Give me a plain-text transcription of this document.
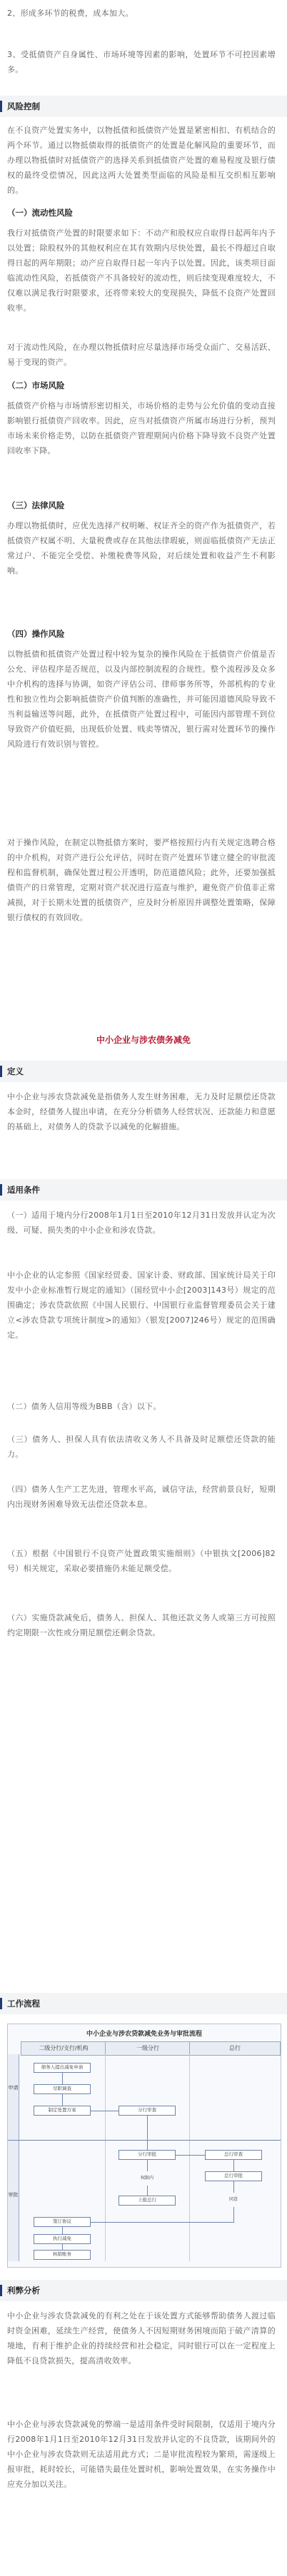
2、形成多环节的税费，成本加大。
3、受抵债资产自身属性、市场环境等因素的影响，处置环节不可控因素增多。
风险控制
在不良资产处置实务中，以物抵债和抵债资产处置是紧密相扣、有机结合的两个环节。通过以物抵债取得的抵债资产的处置是化解风险的重要环节，而办理以物抵债时对抵债资产的选择关系到抵债资产处置的难易程度及银行债权的最终受偿情况，因此这两大处置类型面临的风险是相互交织相互影响的。
（一）流动性风险
我行对抵债资产处置的时限要求如下：不动产和股权应自取得日起两年内予以处置；除股权外的其他权利应在其有效期内尽快处置，最长不得超过自取得日起的两年期限；动产应自取得日起一年内予以处置。因此，该类项目面临流动性风险，若抵债资产不具备较好的流动性，则后续变现难度较大，不仅难以满足我行时限要求，还将带来较大的变现损失，降低不良资产处置回收率。
对于流动性风险，在办理以物抵债时应尽量选择市场受众面广、交易活跃、易于变现的资产。
（二）市场风险
抵债资产价格与市场情形密切相关，市场价格的走势与公允价值的变动直接影响银行抵债资产回收率。因此，应当对抵债资产所属市场进行分析，预判市场未来价格走势，以防在抵债资产管理期间内价格下降导致不良资产处置回收率下降。
（三）法律风险
办理以物抵债时，应优先选择产权明晰、权证齐全的资产作为抵债资产，若抵债资产权属不明、大量税费或存在其他法律瑕疵，则面临抵债资产无法正常过户、不能完全受偿、补缴税费等风险，对后续处置和收益产生不利影响。
（四）操作风险
以物抵债和抵债资产处置过程中较为复杂的操作风险在于抵债资产价值是否公允、评估程序是否规范，以及内部控制流程的合规性。整个流程涉及众多中介机构的选择与协调，如资产评估公司、律师事务所等，外部机构的专业性和独立性均会影响抵债资产价值判断的准确性，并可能因道德风险导致不当利益输送等问题，此外，在抵债资产处置过程中，可能因内部管理不到位导致资产价值贬损，出现低价处置、贱卖等情况，银行需对处置环节的操作风险进行有效识别与管控。
对于操作风险，在制定以物抵债方案时，要严格按照行内有关规定选聘合格的中介机构，对资产进行公允评估，同时在资产处置环节建立健全的审批流程和监督机制，确保处置过程公开透明，防范道德风险；此外，还要加强抵债资产的日常管理，定期对资产状况进行巡查与维护，避免资产价值非正常减损，对于长期未处置的抵债资产，应及时分析原因并调整处置策略，保障银行债权的有效回收。
中小企业与涉农债务减免
定义
中小企业与涉农贷款减免是指债务人发生财务困难，无力及时足额偿还贷款本金时，经债务人提出申请，在充分分析债务人经营状况、还款能力和意愿的基础上，对债务人的贷款予以减免的化解措施。
适用条件
（一）适用于境内分行2008年1月1日至2010年12月31日发放并认定为次级、可疑、损失类的中小企业和涉农贷款。
中小企业的认定参照《国家经贸委、国家计委、财政部、国家统计局关于印发中小企业标准暂行规定的通知》（国经贸中小企[2003]143号）规定的范围确定；涉农贷款依照《中国人民银行、中国银行业监督管理委员会关于建立<涉农贷款专项统计制度>的通知》（银发[2007]246号）规定的范围确定。
（二）债务人信用等级为BBB（含）以下。
（三）债务人、担保人具有依法清收义务人不具备及时足额偿还贷款的能力。
（四）债务人生产工艺先进，管理水平高，诚信守法，经营前景良好，短期内出现财务困难导致无法偿还贷款本息。
（五）根据《中国银行不良资产处置政策实施细则》（中银执文[2006]82号）相关规定，采取必要措施仍未能足额受偿。
（六）实施贷款减免后，债务人、担保人、其他还款义务人或第三方可按照约定期限一次性或分期足额偿还剩余贷款。
工作流程
中小企业与涉农贷款减免业务与审批流程
申请
审批
二级分行/支行/机构	一级分行	总行
债务人提出减免申请
尽职调查
制定处置方案	分行审查
分行审批
权限内
上报总行
总行审查
总行审批
同意
签订协议
执行减免
核销账务
利弊分析
中小企业与涉农贷款减免的有利之处在于该处置方式能够帮助债务人渡过临时资金困难，延续生产经营，使债务人不因短期财务困境而陷于破产清算的境地，有利于维护企业的持续经营和社会稳定，同时银行可以在一定程度上降低不良贷款损失，提高清收效率。
中小企业与涉农贷款减免的弊端一是适用条件受时间限制，仅适用于境内分行2008年1月1日至2010年12月31日发放并认定的不良贷款，该期间外的中小企业与涉农贷款则无法适用此方式；二是审批流程较为繁琐，需逐级上报审批，耗时较长，可能错失最佳处置时机，影响处置效果，在实务操作中应充分加以关注。
